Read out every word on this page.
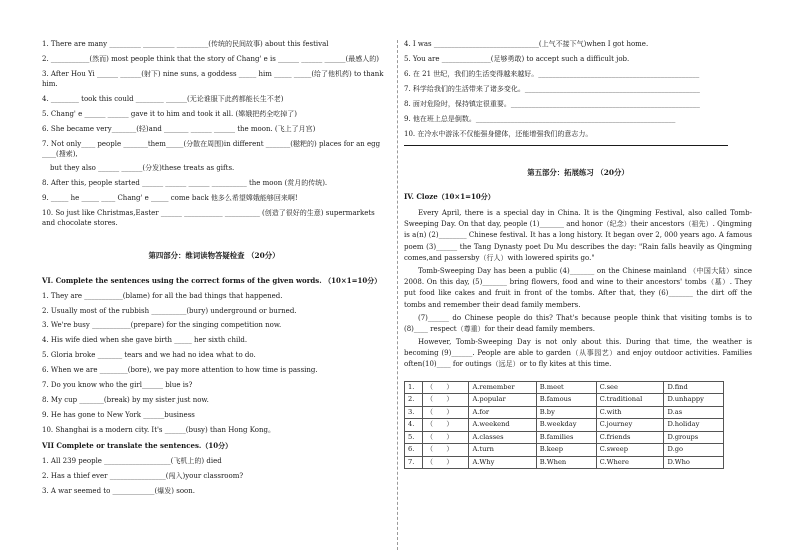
1. There are many _________ _________ _________(传统的民间故事) about this festival
2. ___________(然而) most people think that the story of Chang' e is ______ ______ ______(最感人的)
3. After Hou Yi ______ ______(射下) nine suns, a goddess _____ him _____ _____(给了他机药) to thank him.
4. ________ took this could ________ ______(无论谁服下此药都能长生不老)
5. Chang' e ______ ______ gave it to him and took it all. (嫦娥把药全吃掉了)
6. She became very_______(轻)and _______ ______ ______ the moon. (飞上了月宫)
7. Not only____ people _______them_____(分散在周围)in different _______(糍粑的) places for an egg ____(搜索),
but they also ______ ______(分发)these treats as gifts.
8. After this, people started ______ ______ ______ __________ the moon (赏月的传统).
9. _____ he _____ ____ Chang' e _____ come back 他多么希望嫦娥能够回来啊!
10. So just like Christmas,Easter ______ ___________ __________ (创造了很好的生意) supermarkets and chocolate stores.
第四部分：维词读物答疑检查 （20分）
VI. Complete the sentences using the correct forms of the given words. （10×1=10分）
1. They are ___________(blame) for all the bad things that happened.
2. Usually most of the rubbish __________(bury) underground or burned.
3. We're busy ___________(prepare) for the singing competition now.
4. His wife died when she gave birth _____ her sixth child.
5. Gloria broke _______ tears and we had no idea what to do.
6. When we are ________(bore), we pay more attention to how time is passing.
7. Do you know who the girl______ blue is?
8. My cup _______(break) by my sister just now.
9. He has gone to New York ______business
10. Shanghai is a modern city. It's ______(busy) than Hong Kong。
VII Complete or translate the sentences.（10分）
1. All 239 people ___________________(飞机上的) died
2. Has a thief ever ________________(闯入)your classroom?
3. A war seemed to ____________(爆发) soon.
4. I was ______________________________(上气不接下气)when I got home.
5. You are ______________(足够勇敢) to accept such a difficult job.
6. 在 21 世纪，我们的生活变得越来越好。______________________________________________
7. 科学给我们的生活带来了诸多变化。__________________________________________________
8. 面对危险时，保持镇定很重要。______________________________________________________
9. 他在班上总是倒数。_________________________________________________________
10. 在冷水中游泳不仅能强身健体，还能增强我们的意志力。
第五部分：拓展练习 （20分）
IV. Cloze（10×1=10分）
Every April, there is a special day in China. It is the Qingming Festival, also called Tomb-Sweeping Day. On that day, people (1)_______ and honor（纪念）their ancestors（祖先）. Qingming is a(n) (2)________ Chinese festival. It has a long history. It began over 2, 000 years ago. A famous poem (3)______ the Tang Dynasty poet Du Mu describes the day: "Rain falls heavily as Qingming comes,and passersby（行人）with lowered spirits go."
Tomb-Sweeping Day has been a public (4)_______ on the Chinese mainland （中国大陆）since 2008. On this day, (5)_______ bring flowers, food and wine to their ancestors' tombs（墓）. They put food like cakes and fruit in front of the tombs. After that, they (6)_______ the dirt off the tombs and remember their dead family members.
(7)______ do Chinese people do this? That's because people think that visiting tombs is to (8)____ respect（尊重）for their dead family members.
However, Tomb-Sweeping Day is not only about this. During that time, the weather is becoming (9)______. People are able to garden（从事园艺）and enjoy outdoor activities. Families often(10)____ for outings（远足）or to fly kites at this time.
1.	（　　）	A.remember	B.meet	C.see	D.find
2.	（　　）	A.popular	B.famous	C.traditional	D.unhappy
3.	（　　）	A.for	B.by	C.with	D.as
4.	（　　）	A.weekend	B.weekday	C.journey	D.holiday
5.	（　　）	A.classes	B.families	C.friends	D.groups
6.	（　　）	A.turn	B.keep	C.sweep	D.go
7.	（　　）	A.Why	B.When	C.Where	D.Who
